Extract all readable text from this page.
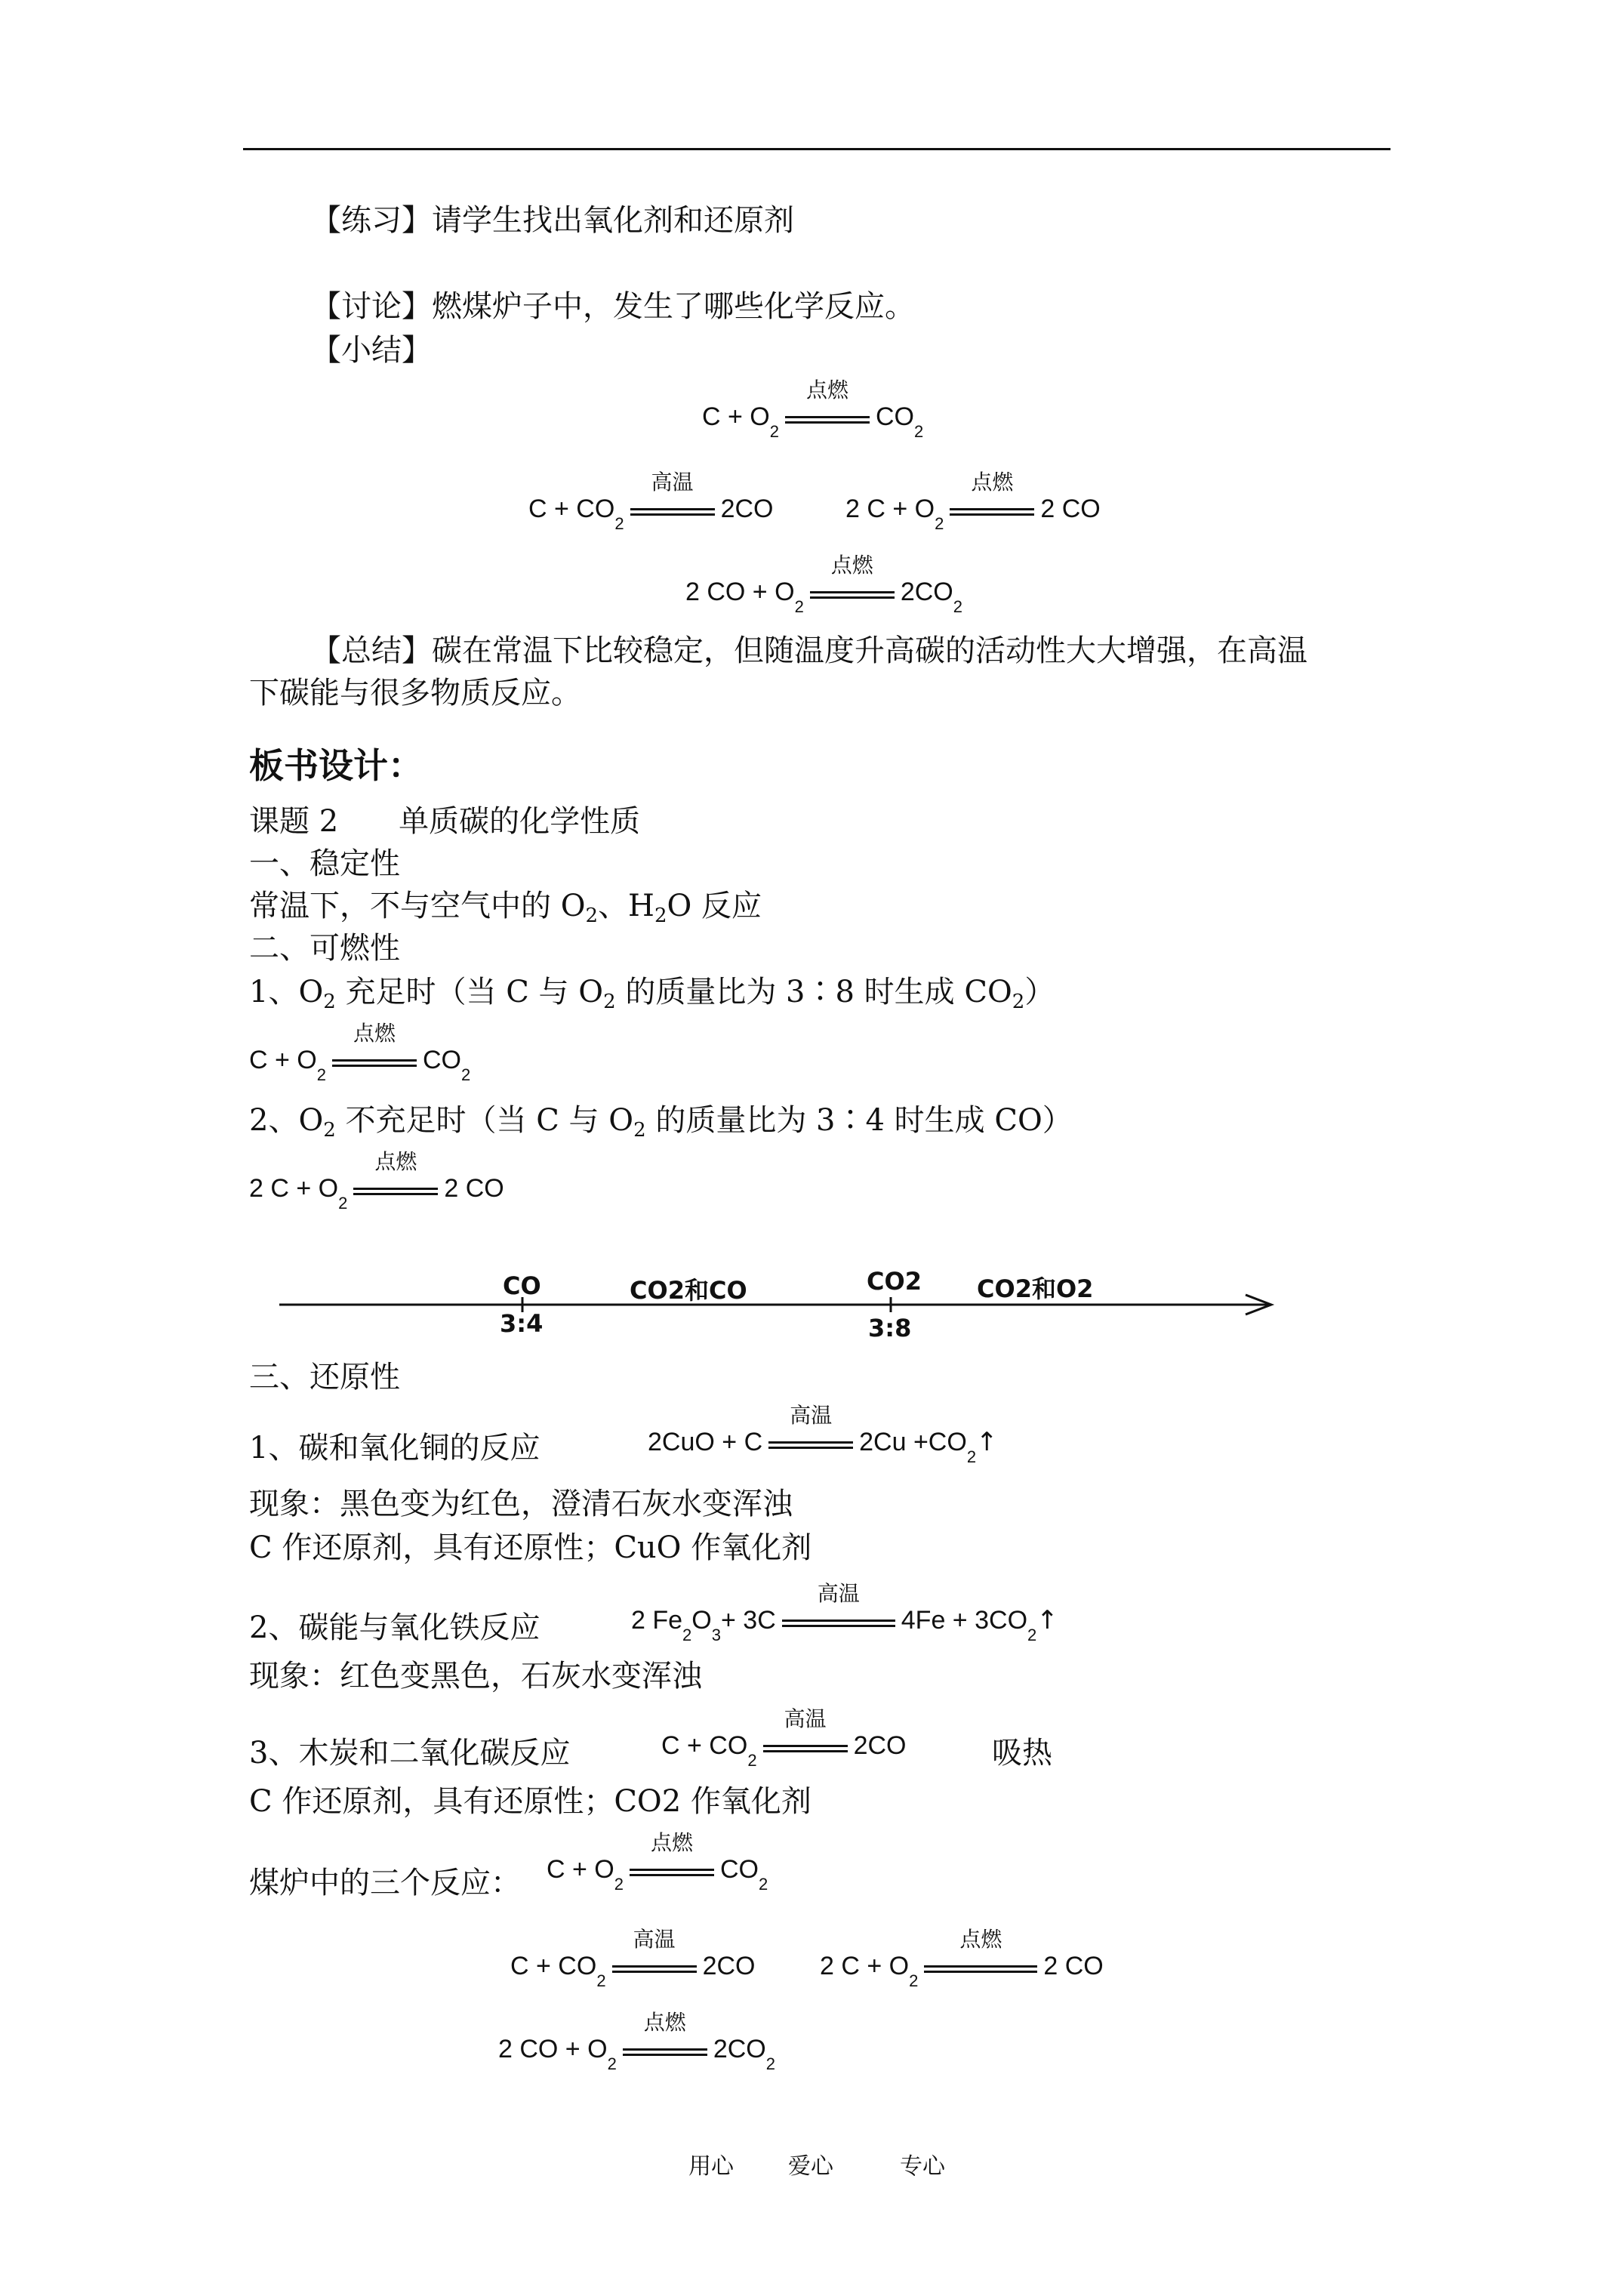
【练习】请学生找出氧化剂和还原剂
【讨论】燃煤炉子中，发生了哪些化学反应。
【小结】
C + O
2
点燃
CO
2
C + CO
2
高温
2CO	2 C + O
2
点燃
2 CO
2 CO + O
2
点燃
2CO
2
【总结】碳在常温下比较稳定，但随温度升高碳的活动性大大增强，在高温
下碳能与很多物质反应。
板书设计：
课题 2　　单质碳的化学性质
一、稳定性
常温下，不与空气中的 $O_2$、$H_2O$ 反应
二、可燃性
1、$O_2$ 充足时（当 C 与 $O_2$ 的质量比为 3∶8 时生成 $CO_2$）
C + O
2
点燃
CO
2
2、$O_2$ 不充足时（当 C 与 $O_2$ 的质量比为 3∶4 时生成 CO）
2 C + O
2
点燃
2 CO
CO
3:4
CO2和CO	CO2
3:8
CO2和O2
三、还原性
1、碳和氧化铜的反应	2CuO + C
高温
2Cu +CO
2 ↑
现象：黑色变为红色，澄清石灰水变浑浊
C 作还原剂，具有还原性；CuO 作氧化剂
2、碳能与氧化铁反应	2 Fe
2
O
3
+ 3C
高温
4Fe + 3CO
2 ↑
现象：红色变黑色，石灰水变浑浊
3、木炭和二氧化碳反应	C + CO
2
高温
2CO	吸热
C 作还原剂，具有还原性；CO2 作氧化剂
煤炉中的三个反应： C + O
2
点燃
CO
2
C + CO
2
高温
2CO	2 C + O
2
点燃
2 CO
2 CO + O
2
点燃
2CO
2
用心 爱心	专心
